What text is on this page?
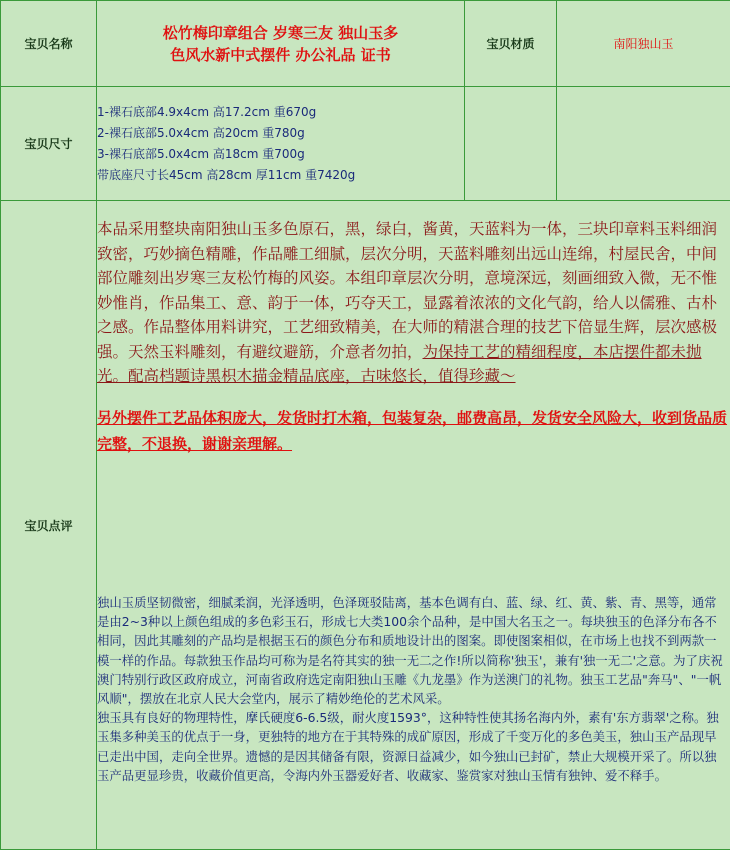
宝贝名称	松竹梅印章组合 岁寒三友 独山玉多
色风水新中式摆件 办公礼品 证书	宝贝材质	南阳独山玉
宝贝尺寸	1-裸石底部4.9x4cm 高17.2cm 重670g
2-裸石底部5.0x4cm 高20cm 重780g
3-裸石底部5.0x4cm 高18cm 重700g
带底座尺寸长45cm 高28cm 厚11cm 重7420g		

宝贝点评	本品采用整块南阳独山玉多色原石，黑，绿白，酱黄，天蓝料为一体，三块印章料玉料细润致密，巧妙摘色精雕，作品雕工细腻，层次分明，天蓝料雕刻出远山连绵，村屋民舍，中间部位雕刻出岁寒三友松竹梅的风姿。本组印章层次分明，意境深远，刻画细致入微，无不惟妙惟肖，作品集工、意、韵于一体，巧夺天工，显露着浓浓的文化气韵，给人以儒雅、古朴之感。作品整体用料讲究，工艺细致精美，在大师的精湛合理的技艺下倍显生辉，层次感极强。天然玉料雕刻，有避纹避筋，介意者勿拍，为保持工艺的精细程度，本店摆件都未抛光。配高档题诗黑枳木描金精品底座，古味悠长，值得珍藏～

另外摆件工艺品体积庞大，发货时打木箱，包装复杂，邮费高昂，发货安全风险大，收到货品质完整，不退换，谢谢亲理解。

独山玉质坚韧微密，细腻柔润，光泽透明，色泽斑驳陆离，基本色调有白、蓝、绿、红、黄、紫、青、黑等，通常是由2~3种以上颜色组成的多色彩玉石，形成七大类100余个品种，是中国大名玉之一。每块独玉的色泽分布各不相同，因此其雕刻的产品均是根据玉石的颜色分布和质地设计出的图案。即使图案相似，在市场上也找不到两款一模一样的作品。每款独玉作品均可称为是名符其实的独一无二之作!所以简称'独玉'，兼有'独一无二'之意。为了庆祝澳门特别行政区政府成立，河南省政府选定南阳独山玉雕《九龙墨》作为送澳门的礼物。独玉工艺品"奔马"、"一帆风顺"，摆放在北京人民大会堂内，展示了精妙绝伦的艺术风采。

独玉具有良好的物理特性，摩氏硬度6-6.5级，耐火度1593°，这种特性使其扬名海内外，素有'东方翡翠'之称。独玉集多种美玉的优点于一身，更独特的地方在于其特殊的成矿原因，形成了千变万化的多色美玉，独山玉产品现早已走出中国，走向全世界。遗憾的是因其储备有限，资源日益减少，如今独山已封矿，禁止大规模开采了。所以独玉产品更显珍贵，收藏价值更高，令海内外玉器爱好者、收藏家、鉴赏家对独山玉情有独钟、爱不释手。		
